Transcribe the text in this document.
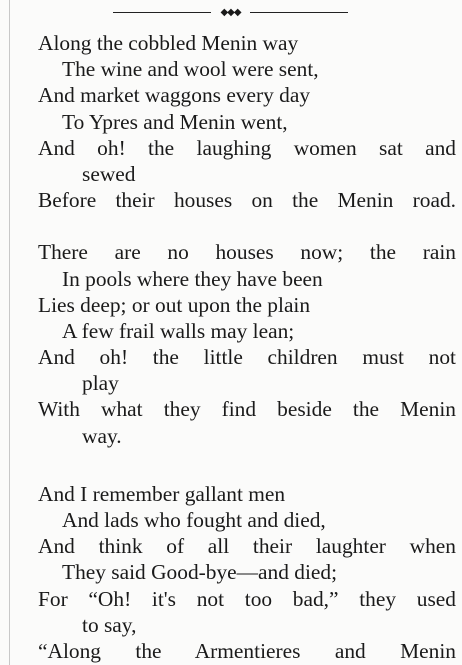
◆◆◆
Along the cobbled Menin way
The wine and wool were sent,
And market waggons every day
To Ypres and Menin went,
And oh! the laughing women sat and
sewed
Before their houses on the Menin road.
There are no houses now; the rain
In pools where they have been
Lies deep; or out upon the plain
A few frail walls may lean;
And oh! the little children must not
play
With what they find beside the Menin
way.
And I remember gallant men
And lads who fought and died,
And think of all their laughter when
They said Good-bye—and died;
For “Oh! it's not too bad,” they used
to say,
“Along the Armentieres and Menin
